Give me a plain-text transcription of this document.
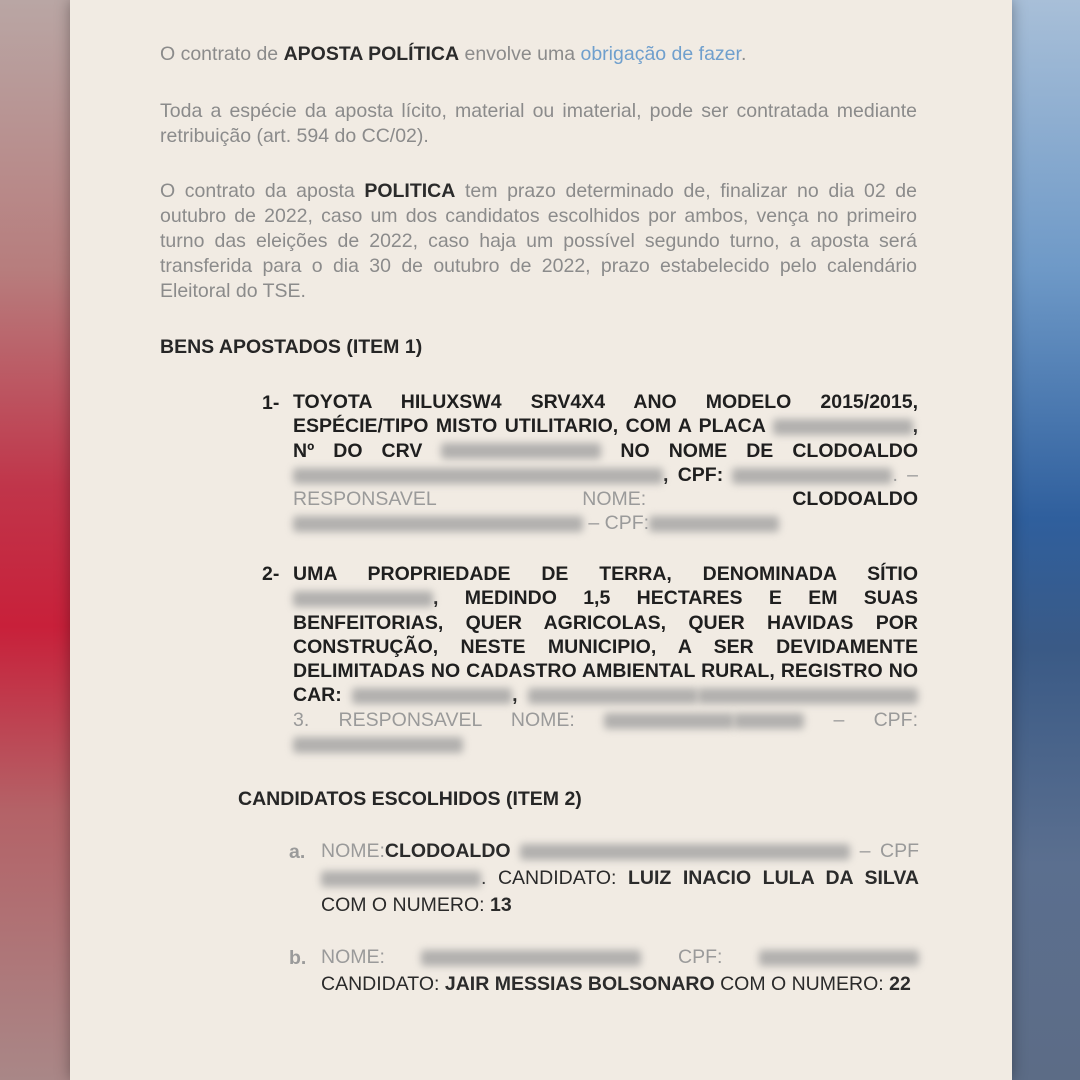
O contrato de APOSTA POLÍTICA envolve uma obrigação de fazer.

Toda a espécie da aposta lícito, material ou imaterial, pode ser contratada mediante retribuição (art. 594 do CC/02).

O contrato da aposta POLITICA tem prazo determinado de, finalizar no dia 02 de outubro de 2022, caso um dos candidatos escolhidos por ambos, vença no primeiro turno das eleições de 2022, caso haja um possível segundo turno, a aposta será transferida para o dia 30 de outubro de 2022, prazo estabelecido pelo calendário Eleitoral do TSE.

BENS APOSTADOS (ITEM 1)
1- TOYOTA HILUXSW4 SRV4X4 ANO MODELO 2015/2015, ESPÉCIE/TIPO MISTO UTILITARIO, COM A PLACA	, Nº DO CRV	NO NOME DE CLODOALDO , CPF:	. – RESPONSAVEL NOME: CLODOALDO  – CPF:

2- UMA PROPRIEDADE DE TERRA, DENOMINADA SÍTIO , MEDINDO 1,5 HECTARES E EM SUAS BENFEITORIAS, QUER AGRICOLAS, QUER HAVIDAS POR CONSTRUÇÃO, NESTE MUNICIPIO, A SER DEVIDAMENTE DELIMITADAS NO CADASTRO AMBIENTAL RURAL, REGISTRO NO CAR:	, 3. RESPONSAVEL NOME:	– CPF:

CANDIDATOS ESCOLHIDOS (ITEM 2)
a. NOME:CLODOALDO	– CPF . CANDIDATO: LUIZ INACIO LULA DA SILVA COM O NUMERO: 13

b. NOME:	CPF:  CANDIDATO: JAIR MESSIAS BOLSONARO COM O NUMERO: 22
